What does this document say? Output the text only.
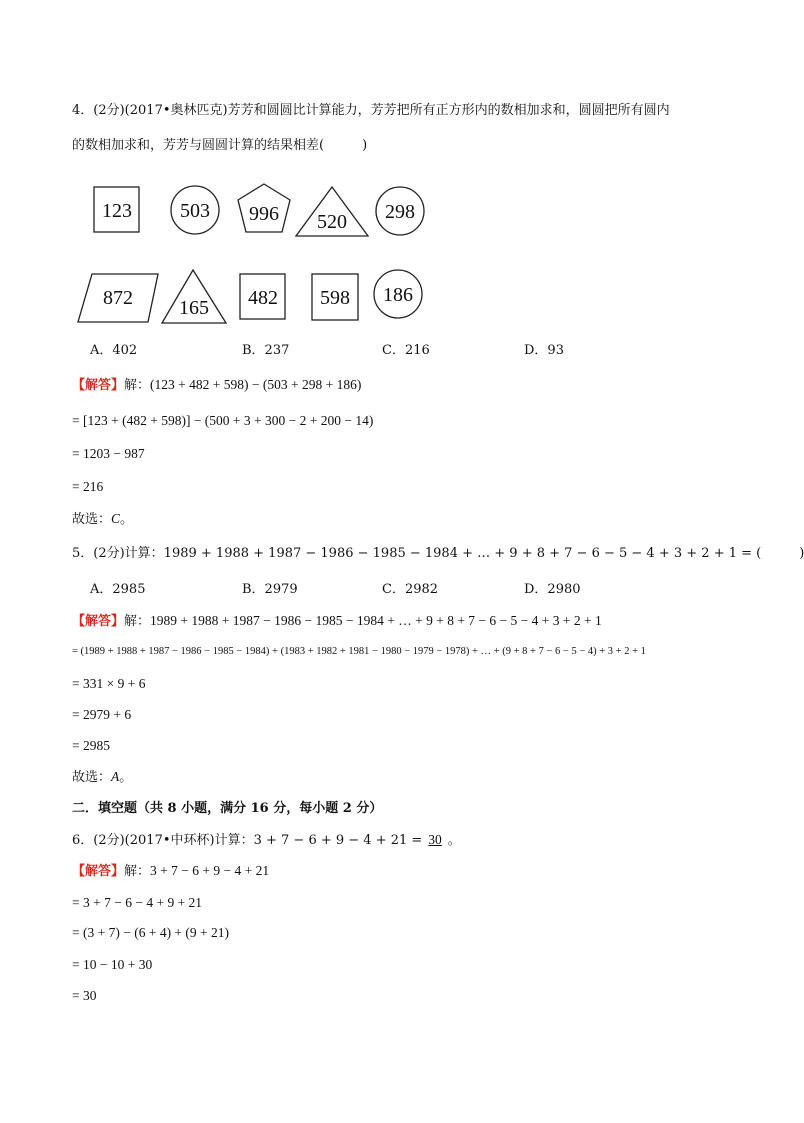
4．(2分)(2017•奥林匹克)芳芳和圆圆比计算能力，芳芳把所有正方形内的数相加求和，圆圆把所有圆内
的数相加求和，芳芳与圆圆计算的结果相差(	)
123 503 996 520 298
872 165 482 598 186
A．402	B．237	C．216	D．93
【解答】解：(123 + 482 + 598) − (503 + 298 + 186)
= [123 + (482 + 598)] − (500 + 3 + 300 − 2 + 200 − 14)
= 1203 − 987
= 216
故选：C。
5．(2分)计算：1989 + 1988 + 1987 − 1986 − 1985 − 1984 + … + 9 + 8 + 7 − 6 − 5 − 4 + 3 + 2 + 1 = (	)
A．2985	B．2979	C．2982	D．2980
【解答】解：1989 + 1988 + 1987 − 1986 − 1985 − 1984 + … + 9 + 8 + 7 − 6 − 5 − 4 + 3 + 2 + 1
= (1989 + 1988 + 1987 − 1986 − 1985 − 1984) + (1983 + 1982 + 1981 − 1980 − 1979 − 1978) + … + (9 + 8 + 7 − 6 − 5 − 4) + 3 + 2 + 1
= 331 × 9 + 6
= 2979 + 6
= 2985
故选：A。
二．填空题（共 8 小题，满分 16 分，每小题 2 分）
6．(2分)(2017•中环杯)计算：3 + 7 − 6 + 9 − 4 + 21 = 30 。
【解答】解：3 + 7 − 6 + 9 − 4 + 21
= 3 + 7 − 6 − 4 + 9 + 21
= (3 + 7) − (6 + 4) + (9 + 21)
= 10 − 10 + 30
= 30
